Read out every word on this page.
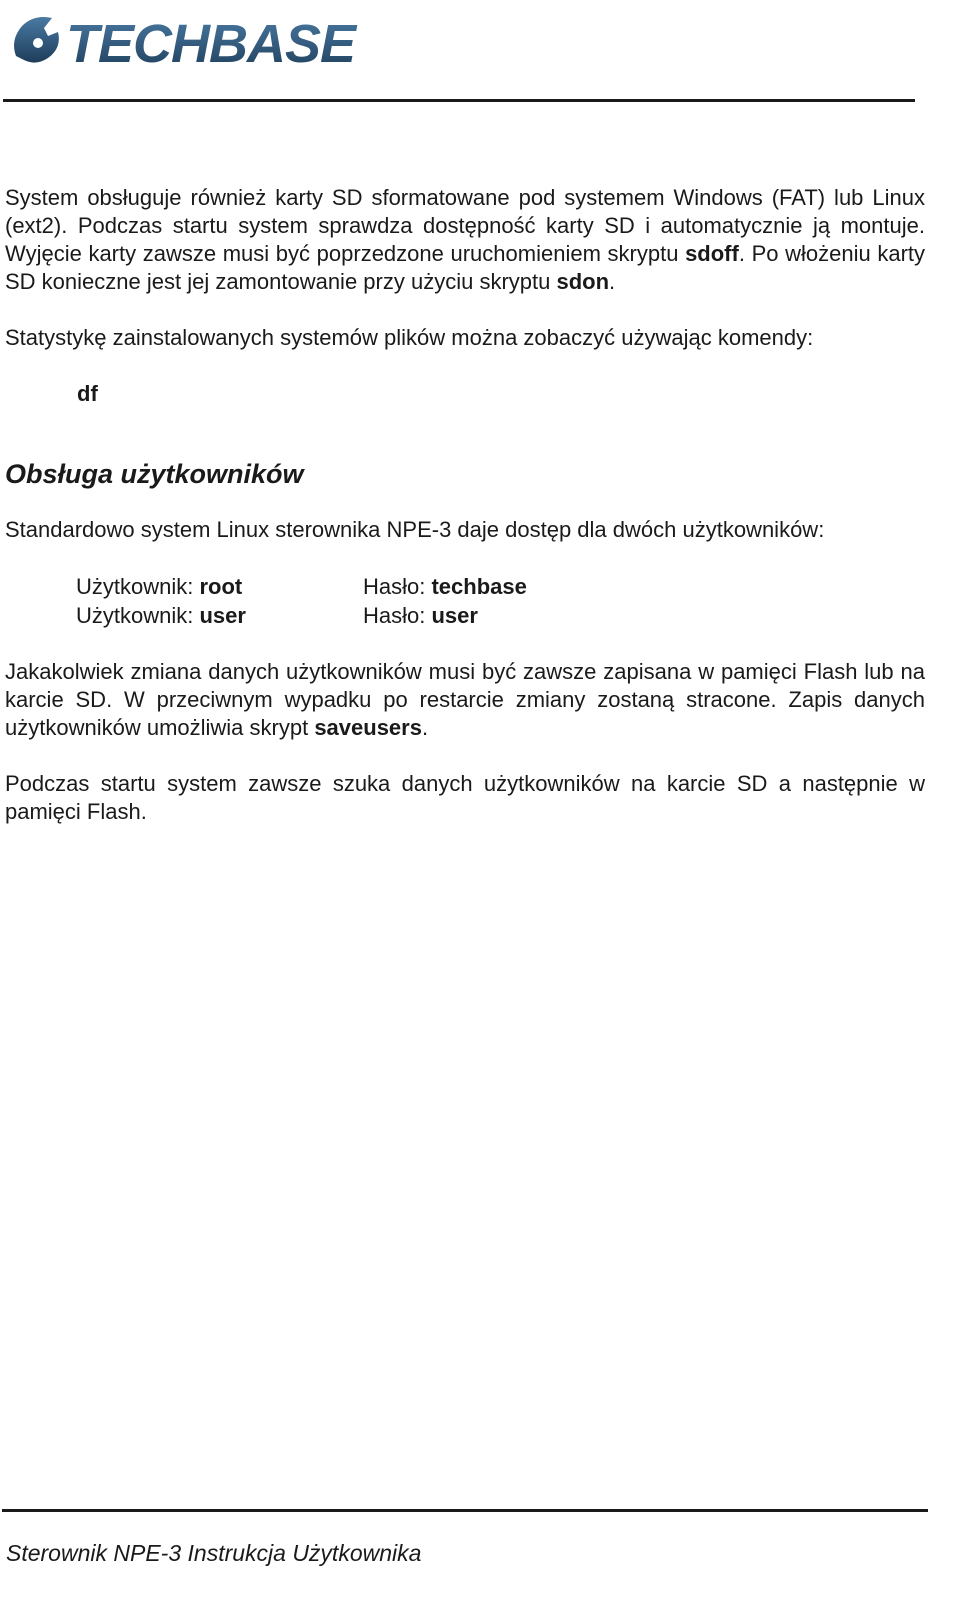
TECHBASE

System obsługuje również karty SD sformatowane pod systemem Windows (FAT) lub Linux (ext2). Podczas startu system sprawdza dostępność karty SD i automatycznie ją montuje. Wyjęcie karty zawsze musi być poprzedzone uruchomieniem skryptu sdoff. Po włożeniu karty SD konieczne jest jej zamontowanie przy użyciu skryptu sdon.

Statystykę zainstalowanych systemów plików można zobaczyć używając komendy:

df
Obsługa użytkowników

Standardowo system Linux sterownika NPE-3 daje dostęp dla dwóch użytkowników:

Użytkownik: root	Hasło: techbase
Użytkownik: user	Hasło: user

Jakakolwiek zmiana danych użytkowników musi być zawsze zapisana w pamięci Flash lub na karcie SD. W przeciwnym wypadku po restarcie zmiany zostaną stracone. Zapis danych użytkowników umożliwia skrypt saveusers.

Podczas startu system zawsze szuka danych użytkowników na karcie SD a następnie w pamięci Flash.

Sterownik NPE-3 Instrukcja Użytkownika
